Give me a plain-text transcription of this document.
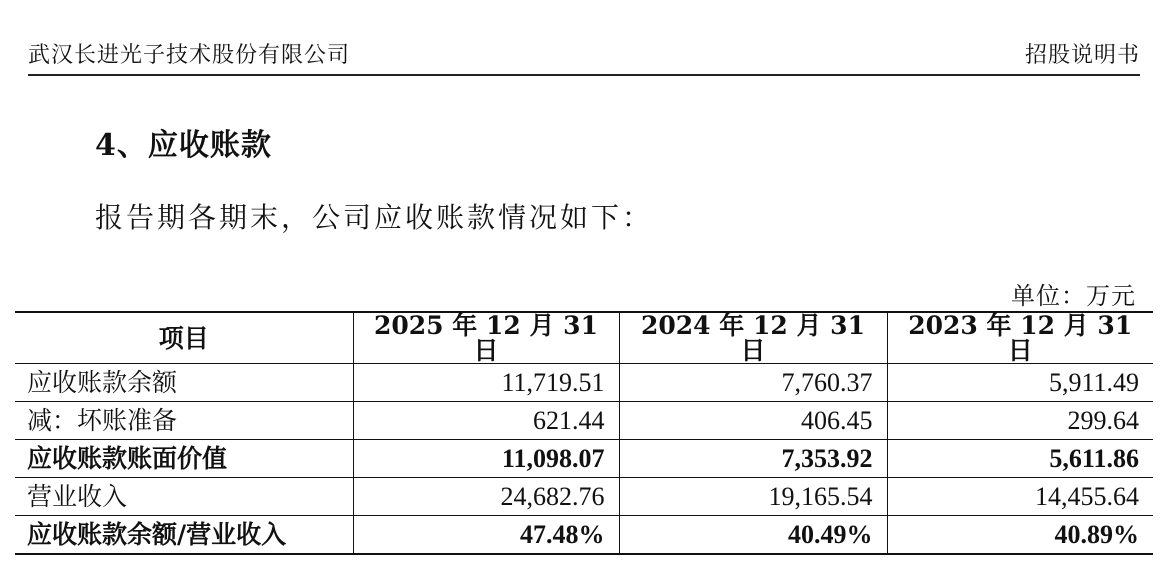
武汉长进光子技术股份有限公司	招股说明书
4、应收账款
报告期各期末，公司应收账款情况如下：
单位：万元
项目	2025 年 12 月 31 日	2024 年 12 月 31 日	2023 年 12 月 31 日
应收账款余额	11,719.51	7,760.37	5,911.49
减：坏账准备	621.44	406.45	299.64
应收账款账面价值	11,098.07	7,353.92	5,611.86
营业收入	24,682.76	19,165.54	14,455.64
应收账款余额/营业收入	47.48%	40.49%	40.89%
